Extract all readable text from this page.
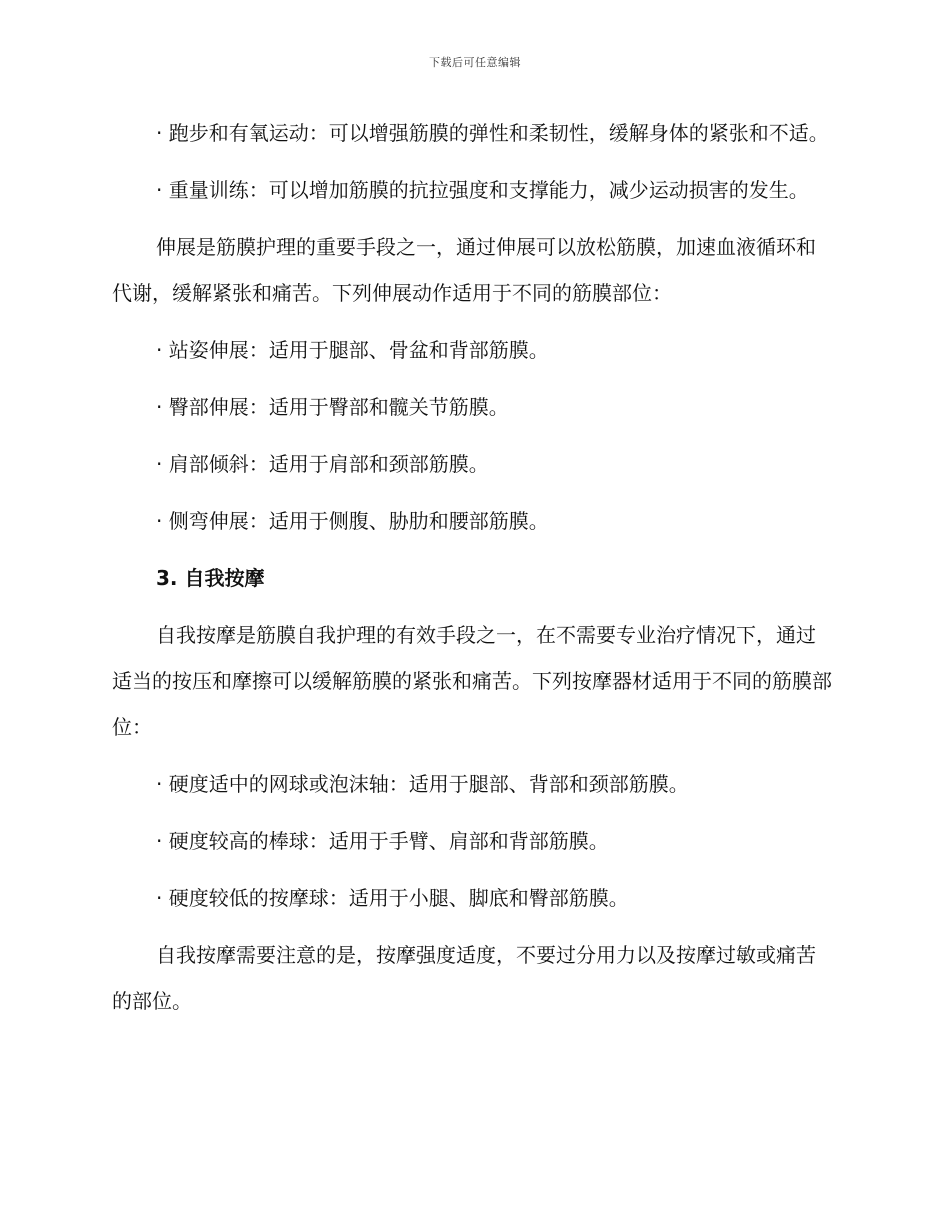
下载后可任意编辑

· 跑步和有氧运动：可以增强筋膜的弹性和柔韧性，缓解身体的紧张和不适。

· 重量训练：可以增加筋膜的抗拉强度和支撑能力，减少运动损害的发生。

伸展是筋膜护理的重要手段之一，通过伸展可以放松筋膜，加速血液循环和代谢，缓解紧张和痛苦。下列伸展动作适用于不同的筋膜部位：

· 站姿伸展：适用于腿部、骨盆和背部筋膜。

· 臀部伸展：适用于臀部和髋关节筋膜。

· 肩部倾斜：适用于肩部和颈部筋膜。

· 侧弯伸展：适用于侧腹、胁肋和腰部筋膜。

3. 自我按摩

自我按摩是筋膜自我护理的有效手段之一，在不需要专业治疗情况下，通过适当的按压和摩擦可以缓解筋膜的紧张和痛苦。下列按摩器材适用于不同的筋膜部位：

· 硬度适中的网球或泡沫轴：适用于腿部、背部和颈部筋膜。

· 硬度较高的棒球：适用于手臂、肩部和背部筋膜。

· 硬度较低的按摩球：适用于小腿、脚底和臀部筋膜。

自我按摩需要注意的是，按摩强度适度，不要过分用力以及按摩过敏或痛苦的部位。
